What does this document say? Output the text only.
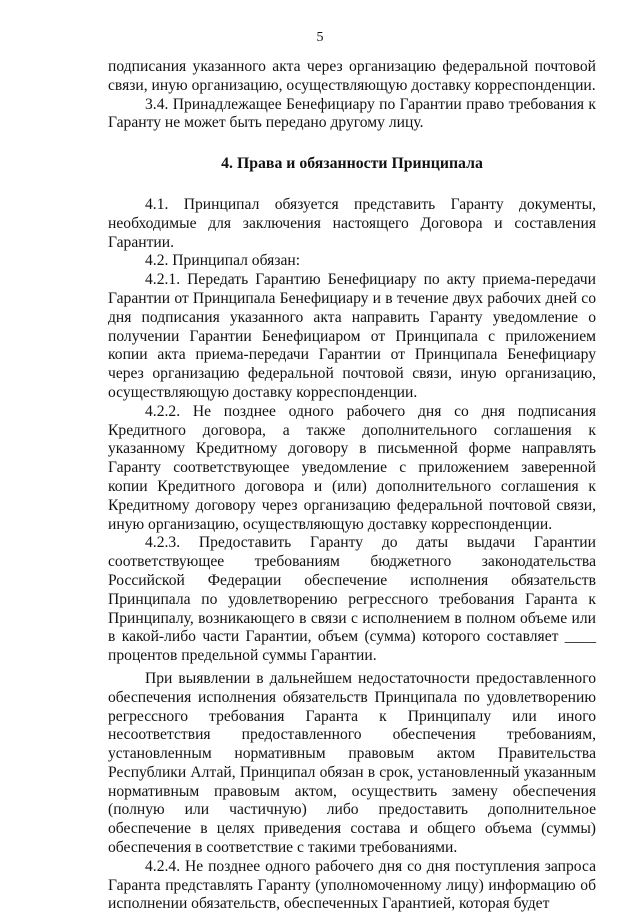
5

подписания указанного акта через организацию федеральной почтовой связи, иную организацию, осуществляющую доставку корреспонденции.

3.4. Принадлежащее Бенефициару по Гарантии право требования к Гаранту не может быть передано другому лицу.

4. Права и обязанности Принципала

4.1. Принципал обязуется представить Гаранту документы, необходимые для заключения настоящего Договора и составления Гарантии.

4.2. Принципал обязан:

4.2.1. Передать Гарантию Бенефициару по акту приема-передачи Гарантии от Принципала Бенефициару и в течение двух рабочих дней со дня подписания указанного акта направить Гаранту уведомление о получении Гарантии Бенефициаром от Принципала с приложением копии акта приема-передачи Гарантии от Принципала Бенефициару через организацию федеральной почтовой связи, иную организацию, осуществляющую доставку корреспонденции.

4.2.2. Не позднее одного рабочего дня со дня подписания Кредитного договора, а также дополнительного соглашения к указанному Кредитному договору в письменной форме направлять Гаранту соответствующее уведомление с приложением заверенной копии Кредитного договора и (или) дополнительного соглашения к Кредитному договору через организацию федеральной почтовой связи, иную организацию, осуществляющую доставку корреспонденции.

4.2.3. Предоставить Гаранту до даты выдачи Гарантии соответствующее требованиям бюджетного законодательства Российской Федерации обеспечение исполнения обязательств Принципала по удовлетворению регрессного требования Гаранта к Принципалу, возникающего в связи с исполнением в полном объеме или в какой-либо части Гарантии, объем (сумма) которого составляет ____ процентов предельной суммы Гарантии.

При выявлении в дальнейшем недостаточности предоставленного обеспечения исполнения обязательств Принципала по удовлетворению регрессного требования Гаранта к Принципалу или иного несоответствия предоставленного обеспечения требованиям, установленным нормативным правовым актом Правительства Республики Алтай, Принципал обязан в срок, установленный указанным нормативным правовым актом, осуществить замену обеспечения (полную или частичную) либо предоставить дополнительное обеспечение в целях приведения состава и общего объема (суммы) обеспечения в соответствие с такими требованиями.

4.2.4. Не позднее одного рабочего дня со дня поступления запроса Гаранта представлять Гаранту (уполномоченному лицу) информацию об исполнении обязательств, обеспеченных Гарантией, которая будет
